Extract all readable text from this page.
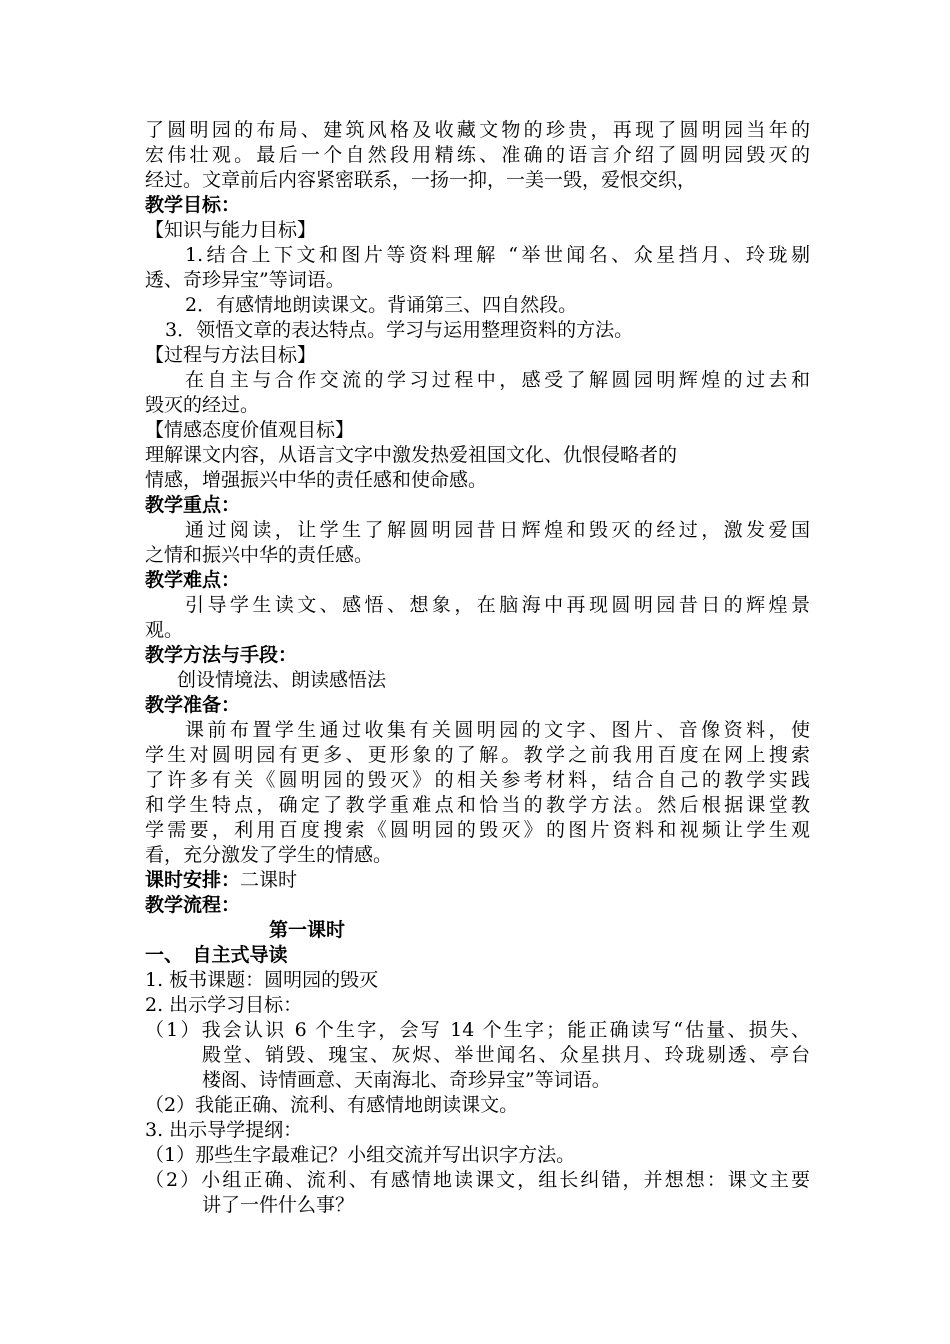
了圆明园的布局、建筑风格及收藏文物的珍贵，再现了圆明园当年的
宏伟壮观。最后一个自然段用精练、准确的语言介绍了圆明园毁灭的
经过。文章前后内容紧密联系，一扬一抑，一美一毁，爱恨交织，
教学目标：
【知识与能力目标】
1.结合上下文和图片等资料理解 “举世闻名、众星挡月、玲珑剔
透、奇珍异宝”等词语。
2．有感情地朗读课文。背诵第三、四自然段。
3．领悟文章的表达特点。学习与运用整理资料的方法。
【过程与方法目标】
在自主与合作交流的学习过程中，感受了解圆园明辉煌的过去和
毁灭的经过。
【情感态度价值观目标】
理解课文内容，从语言文字中激发热爱祖国文化、仇恨侵略者的
情感，增强振兴中华的责任感和使命感。
教学重点：
通过阅读，让学生了解圆明园昔日辉煌和毁灭的经过，激发爱国
之情和振兴中华的责任感。
教学难点：
引导学生读文、感悟、想象，在脑海中再现圆明园昔日的辉煌景
观。
教学方法与手段：
创设情境法、朗读感悟法
教学准备：
课前布置学生通过收集有关圆明园的文字、图片、音像资料，使
学生对圆明园有更多、更形象的了解。教学之前我用百度在网上搜索
了许多有关《圆明园的毁灭》的相关参考材料，结合自己的教学实践
和学生特点，确定了教学重难点和恰当的教学方法。然后根据课堂教
学需要，利用百度搜索《圆明园的毁灭》的图片资料和视频让学生观
看，充分激发了学生的情感。
课时安排：二课时
教学流程：
第一课时
一、　自主式导读
1. 板书课题：圆明园的毁灭
2. 出示学习目标：
（1）我会认识 6 个生字，会写 14 个生字；能正确读写“估量、损失、
殿堂、销毁、瑰宝、灰烬、举世闻名、众星拱月、玲珑剔透、亭台
楼阁、诗情画意、天南海北、奇珍异宝”等词语。
（2）我能正确、流利、有感情地朗读课文。
3. 出示导学提纲：
（1）那些生字最难记？小组交流并写出识字方法。
（2）小组正确、流利、有感情地读课文，组长纠错，并想想：课文主要
讲了一件什么事？
